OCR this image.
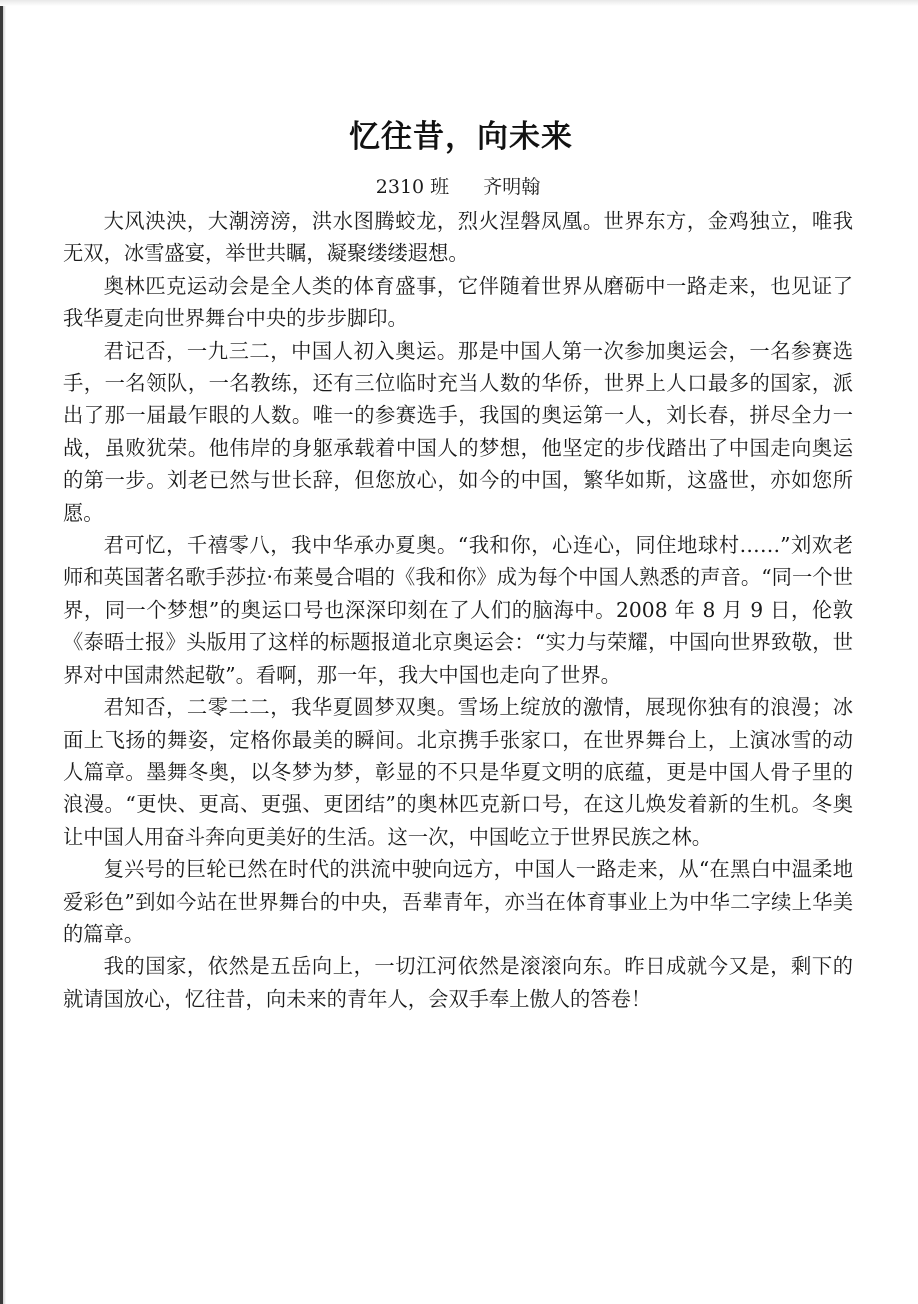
忆往昔，向未来
2310 班 齐明翰

大风泱泱，大潮滂滂，洪水图腾蛟龙，烈火涅磐凤凰。世界东方，金鸡独立，唯我无双，冰雪盛宴，举世共瞩，凝聚缕缕遐想。

奥林匹克运动会是全人类的体育盛事，它伴随着世界从磨砺中一路走来，也见证了我华夏走向世界舞台中央的步步脚印。

君记否，一九三二，中国人初入奥运。那是中国人第一次参加奥运会，一名参赛选手，一名领队，一名教练，还有三位临时充当人数的华侨，世界上人口最多的国家，派出了那一届最乍眼的人数。唯一的参赛选手，我国的奥运第一人，刘长春，拼尽全力一战，虽败犹荣。他伟岸的身躯承载着中国人的梦想，他坚定的步伐踏出了中国走向奥运的第一步。刘老已然与世长辞，但您放心，如今的中国，繁华如斯，这盛世，亦如您所愿。

君可忆，千禧零八，我中华承办夏奥。“我和你，心连心，同住地球村……”刘欢老师和英国著名歌手莎拉·布莱曼合唱的《我和你》成为每个中国人熟悉的声音。“同一个世界，同一个梦想”的奥运口号也深深印刻在了人们的脑海中。2008 年 8 月 9 日，伦敦《泰晤士报》头版用了这样的标题报道北京奥运会：“实力与荣耀，中国向世界致敬，世界对中国肃然起敬”。看啊，那一年，我大中国也走向了世界。

君知否，二零二二，我华夏圆梦双奥。雪场上绽放的激情，展现你独有的浪漫；冰面上飞扬的舞姿，定格你最美的瞬间。北京携手张家口，在世界舞台上，上演冰雪的动人篇章。墨舞冬奥，以冬梦为梦，彰显的不只是华夏文明的底蕴，更是中国人骨子里的浪漫。“更快、更高、更强、更团结”的奥林匹克新口号，在这儿焕发着新的生机。冬奥让中国人用奋斗奔向更美好的生活。这一次，中国屹立于世界民族之林。

复兴号的巨轮已然在时代的洪流中驶向远方，中国人一路走来，从“在黑白中温柔地爱彩色”到如今站在世界舞台的中央，吾辈青年，亦当在体育事业上为中华二字续上华美的篇章。

我的国家，依然是五岳向上，一切江河依然是滚滚向东。昨日成就今又是，剩下的就请国放心，忆往昔，向未来的青年人，会双手奉上傲人的答卷！
